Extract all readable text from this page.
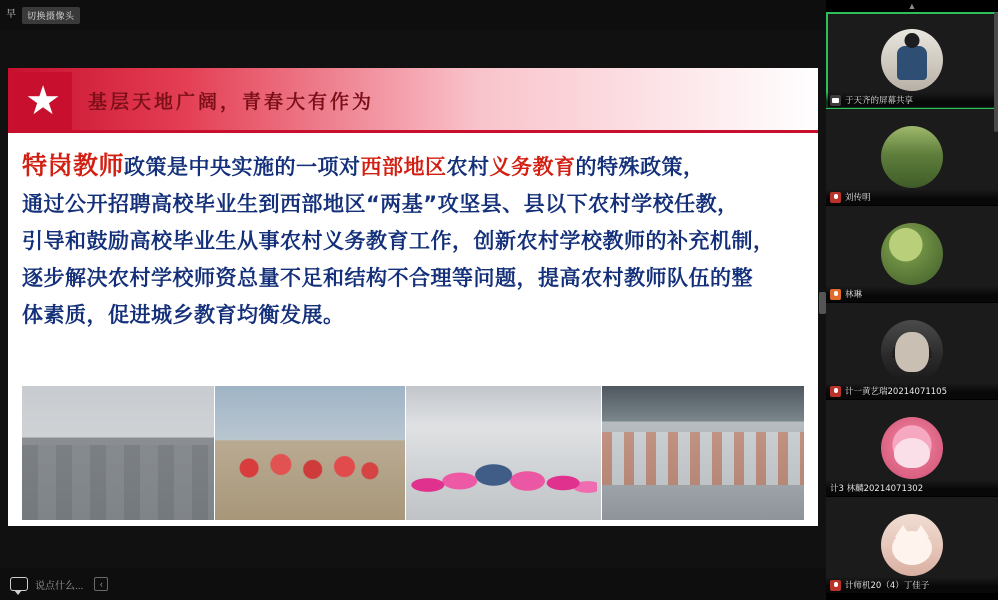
早	切换摄像头
★ 基层天地广阔，青春大有作为
特岗教师政策是中央实施的一项对西部地区农村义务教育的特殊政策，
通过公开招聘高校毕业生到西部地区“两基”攻坚县、县以下农村学校任教，
引导和鼓励高校毕业生从事农村义务教育工作，创新农村学校教师的补充机制，
逐步解决农村学校师资总量不足和结构不合理等问题，提高农村教师队伍的整
体素质，促进城乡教育均衡发展。
说点什么...	‹
▲
于天齐的屏幕共享
刘传明
林琳
计一黄艺瑞20214071105
计3 林麟20214071302
计师机20（4）丁佳子
